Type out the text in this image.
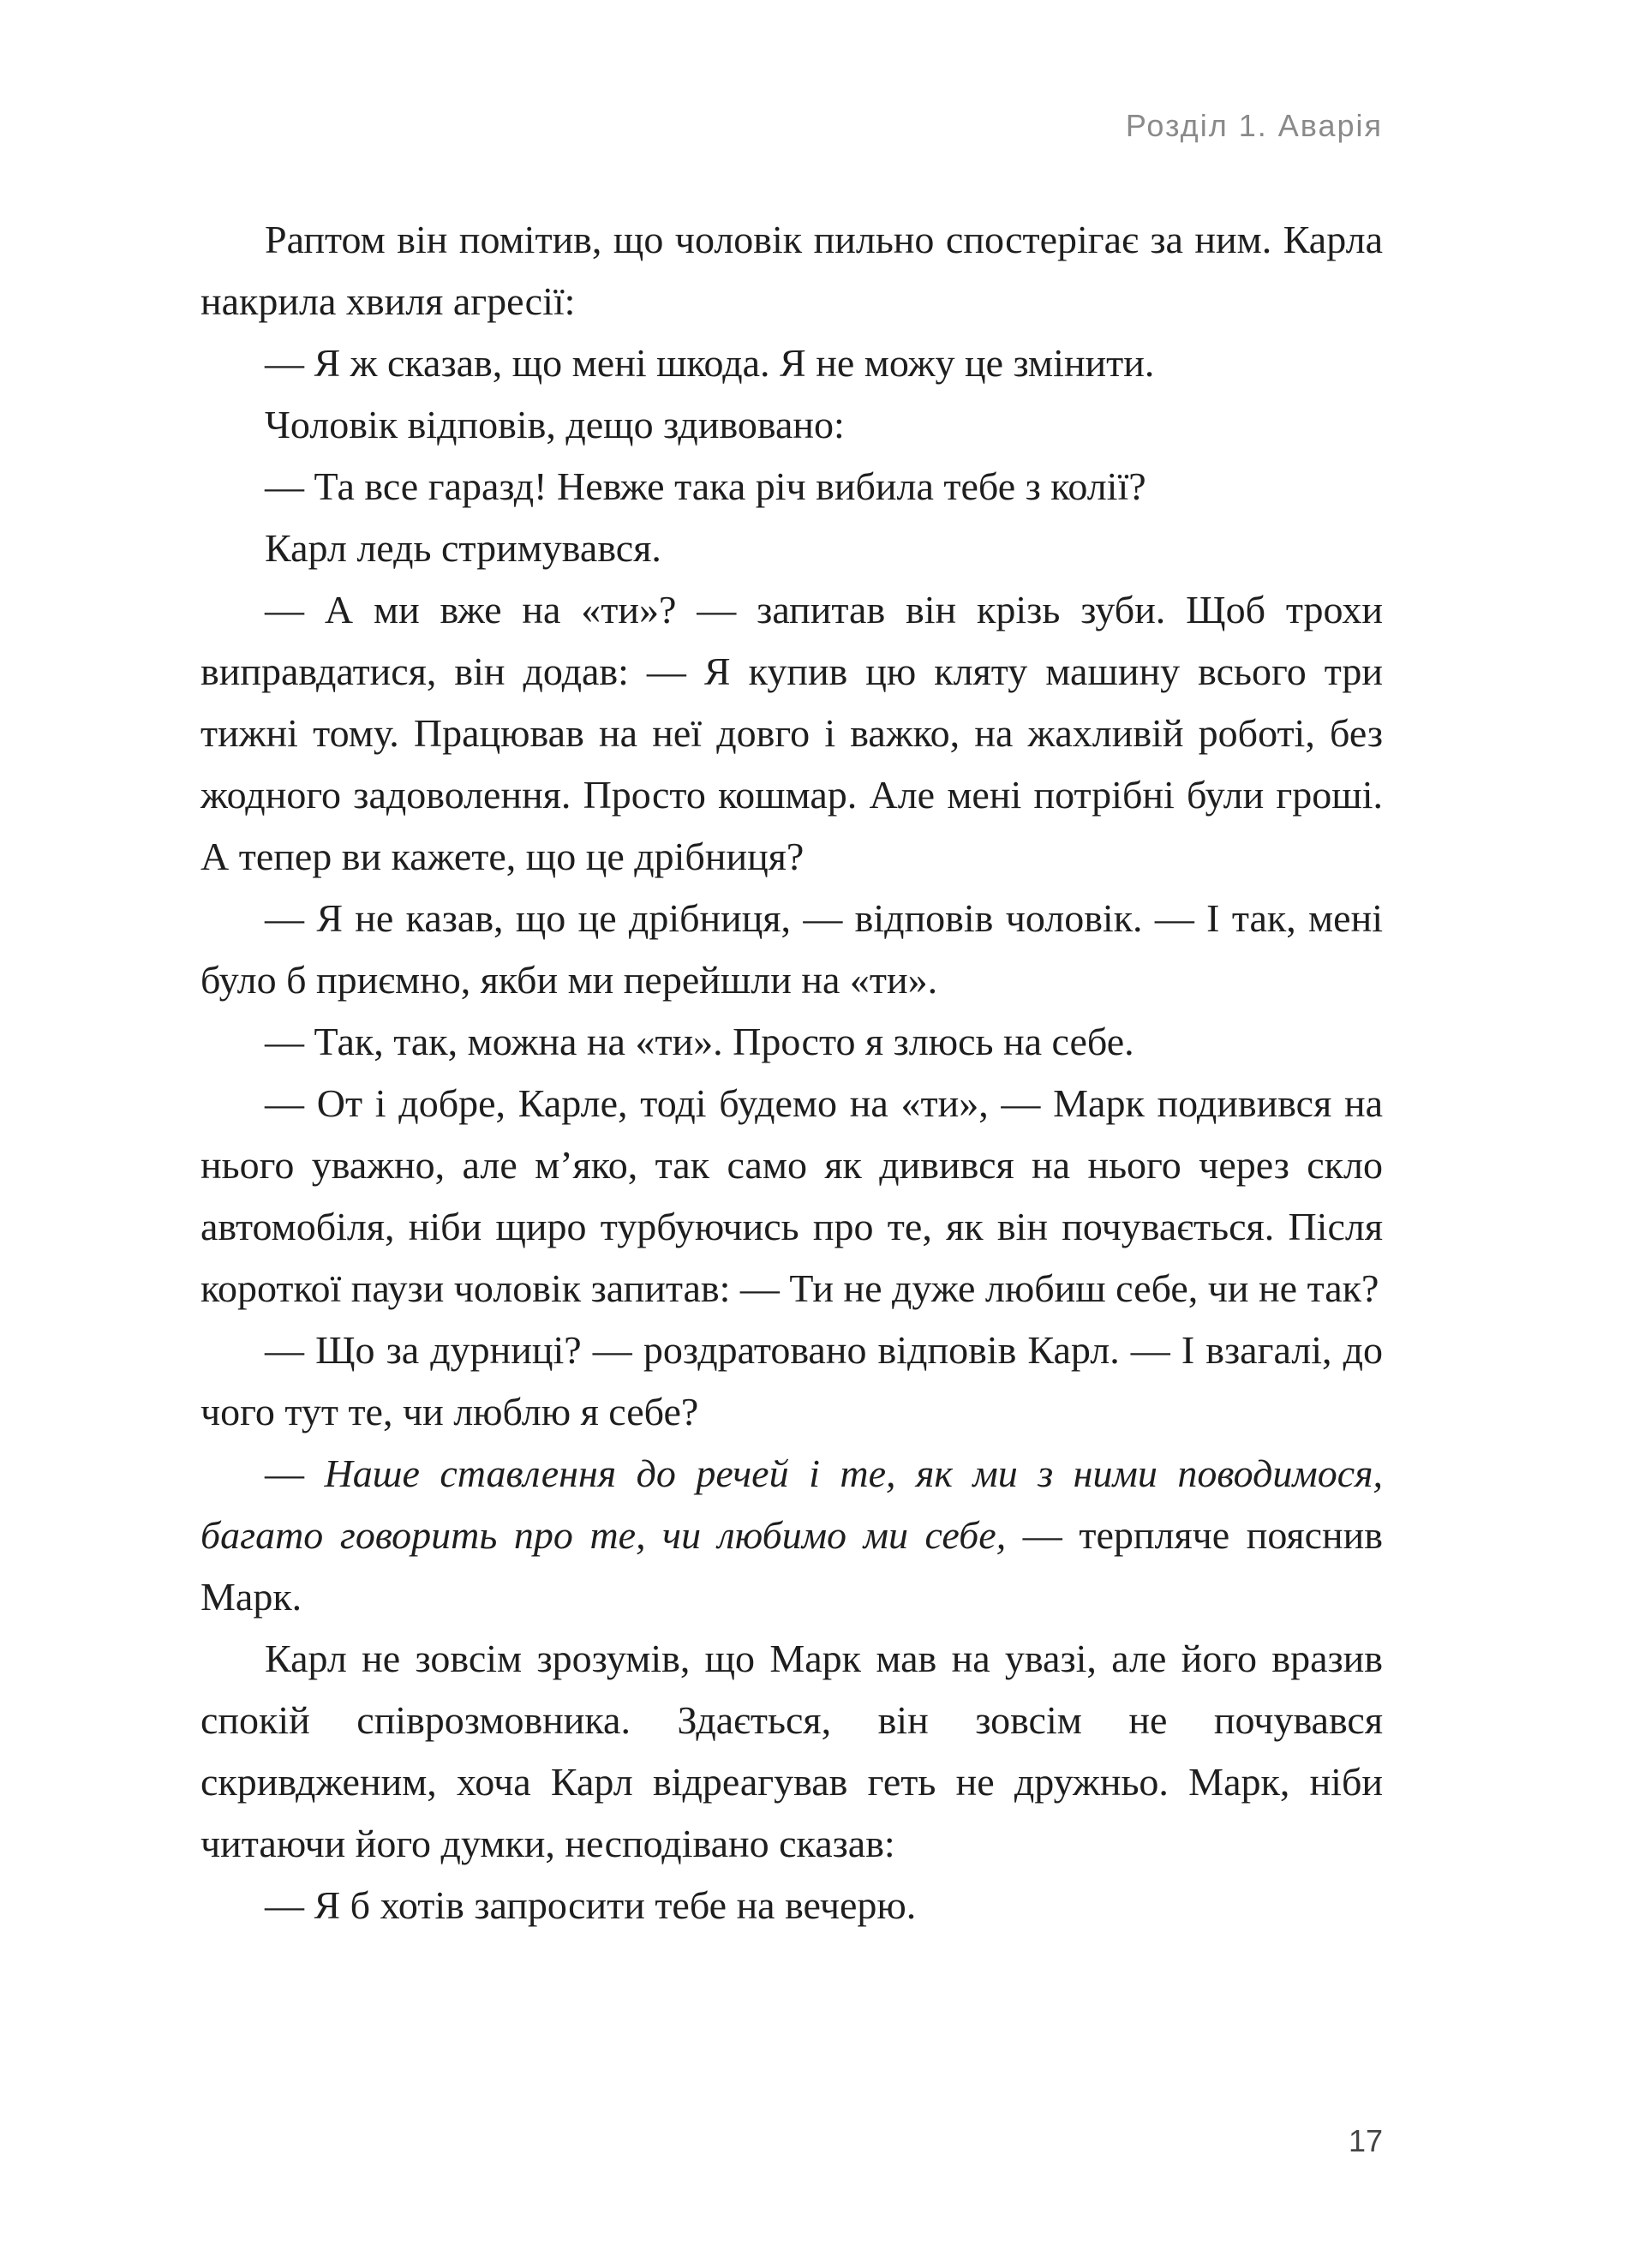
Розділ 1. Аварія

Раптом він помітив, що чоловік пильно спостерігає за ним. Карла накрила хвиля агресії:

— Я ж сказав, що мені шкода. Я не можу це змінити.

Чоловік відповів, дещо здивовано:

— Та все гаразд! Невже така річ вибила тебе з колії?

Карл ледь стримувався.

— А ми вже на «ти»? — запитав він крізь зуби. Щоб трохи виправдатися, він додав: — Я купив цю кляту машину всього три тижні тому. Працював на неї довго і важко, на жахливій роботі, без жодного задоволення. Просто кошмар. Але мені потрібні були гроші. А тепер ви кажете, що це дрібниця?

— Я не казав, що це дрібниця, — відповів чоловік. — І так, мені було б приємно, якби ми перейшли на «ти».

— Так, так, можна на «ти». Просто я злюсь на себе.

— От і добре, Карле, тоді будемо на «ти», — Марк подивився на нього уважно, але м’яко, так само як дивився на нього через скло автомобіля, ніби щиро турбуючись про те, як він почувається. Після короткої паузи чоловік запитав: — Ти не дуже любиш себе, чи не так?

— Що за дурниці? — роздратовано відповів Карл. — І взагалі, до чого тут те, чи люблю я себе?

— Наше ставлення до речей і те, як ми з ними поводимося, багато говорить про те, чи любимо ми себе, — терпляче пояснив Марк.

Карл не зовсім зрозумів, що Марк мав на увазі, але його вразив спокій співрозмовника. Здається, він зовсім не почувався скривдженим, хоча Карл відреагував геть не дружньо. Марк, ніби читаючи його думки, несподівано сказав:

— Я б хотів запросити тебе на вечерю.

17
